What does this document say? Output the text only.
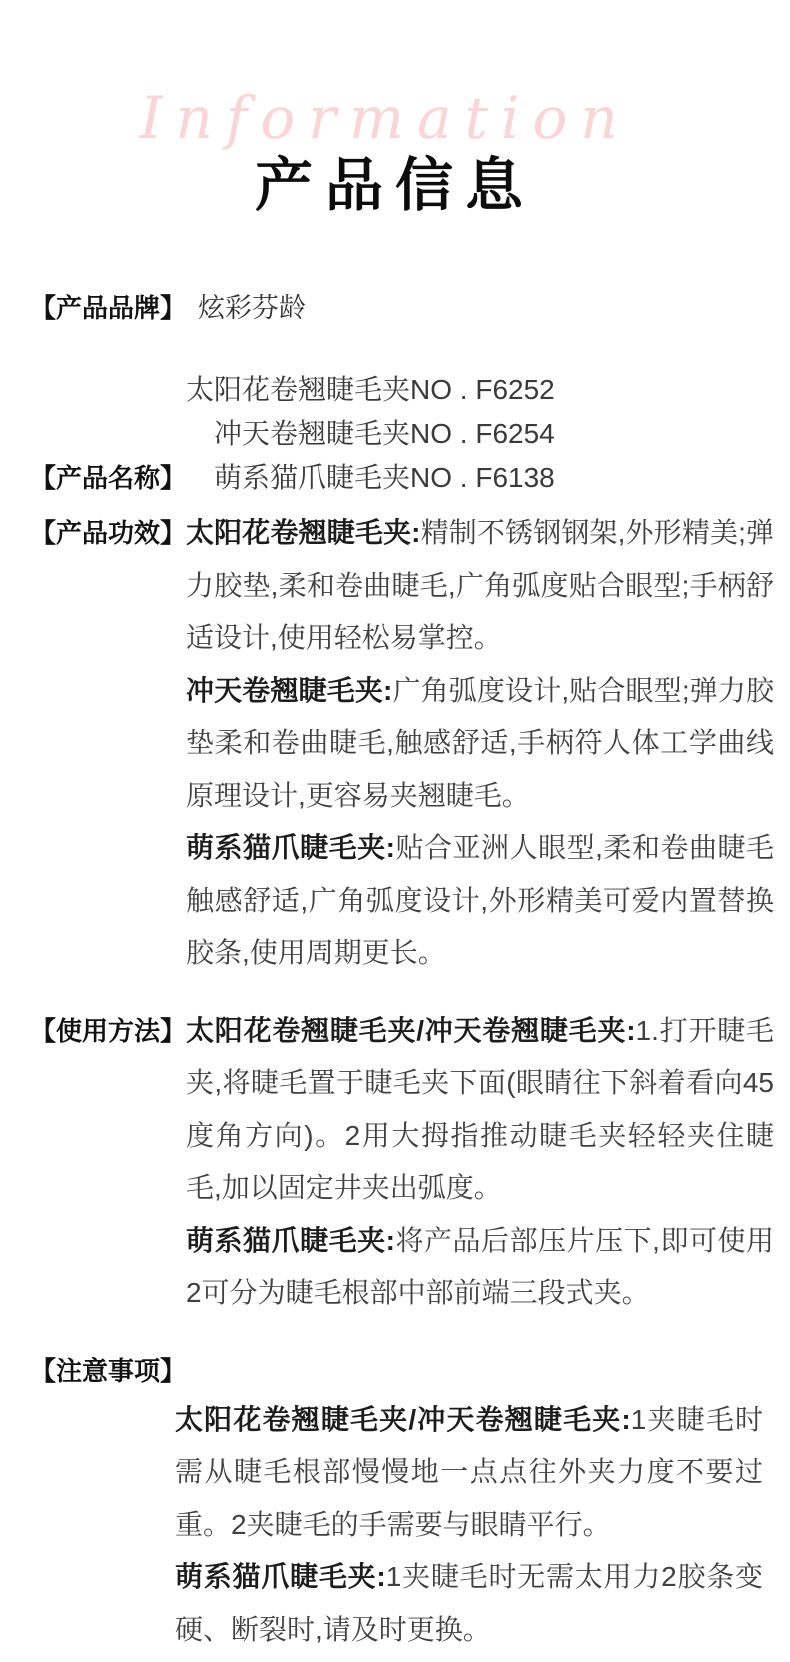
Information
产品信息
【产品品牌】 炫彩芬龄
【产品名称】
太阳花卷翘睫毛夹NO . F6252
冲天卷翘睫毛夹NO . F6254
萌系猫爪睫毛夹NO . F6138
【产品功效】 太阳花卷翘睫毛夹:精制不锈钢钢架,外形精美;弹力胶垫,柔和卷曲睫毛,广角弧度贴合眼型;手柄舒适设计,使用轻松易掌控。

冲天卷翘睫毛夹:广角弧度设计,贴合眼型;弹力胶垫柔和卷曲睫毛,触感舒适,手柄符人体工学曲线原理设计,更容易夹翘睫毛。

萌系猫爪睫毛夹:贴合亚洲人眼型,柔和卷曲睫毛触感舒适,广角弧度设计,外形精美可爱内置替换胶条,使用周期更长。

【使用方法】 太阳花卷翘睫毛夹/冲天卷翘睫毛夹:1.打开睫毛夹,将睫毛置于睫毛夹下面(眼睛往下斜着看向45度角方向)。2用大拇指推动睫毛夹轻轻夹住睫毛,加以固定井夹出弧度。

萌系猫爪睫毛夹:将产品后部压片压下,即可使用2可分为睫毛根部中部前端三段式夹。

【注意事项】

太阳花卷翘睫毛夹/冲天卷翘睫毛夹:1夹睫毛时需从睫毛根部慢慢地一点点往外夹力度不要过重。2夹睫毛的手需要与眼睛平行。

萌系猫爪睫毛夹:1夹睫毛时无需太用力2胶条变硬、断裂时,请及时更换。
